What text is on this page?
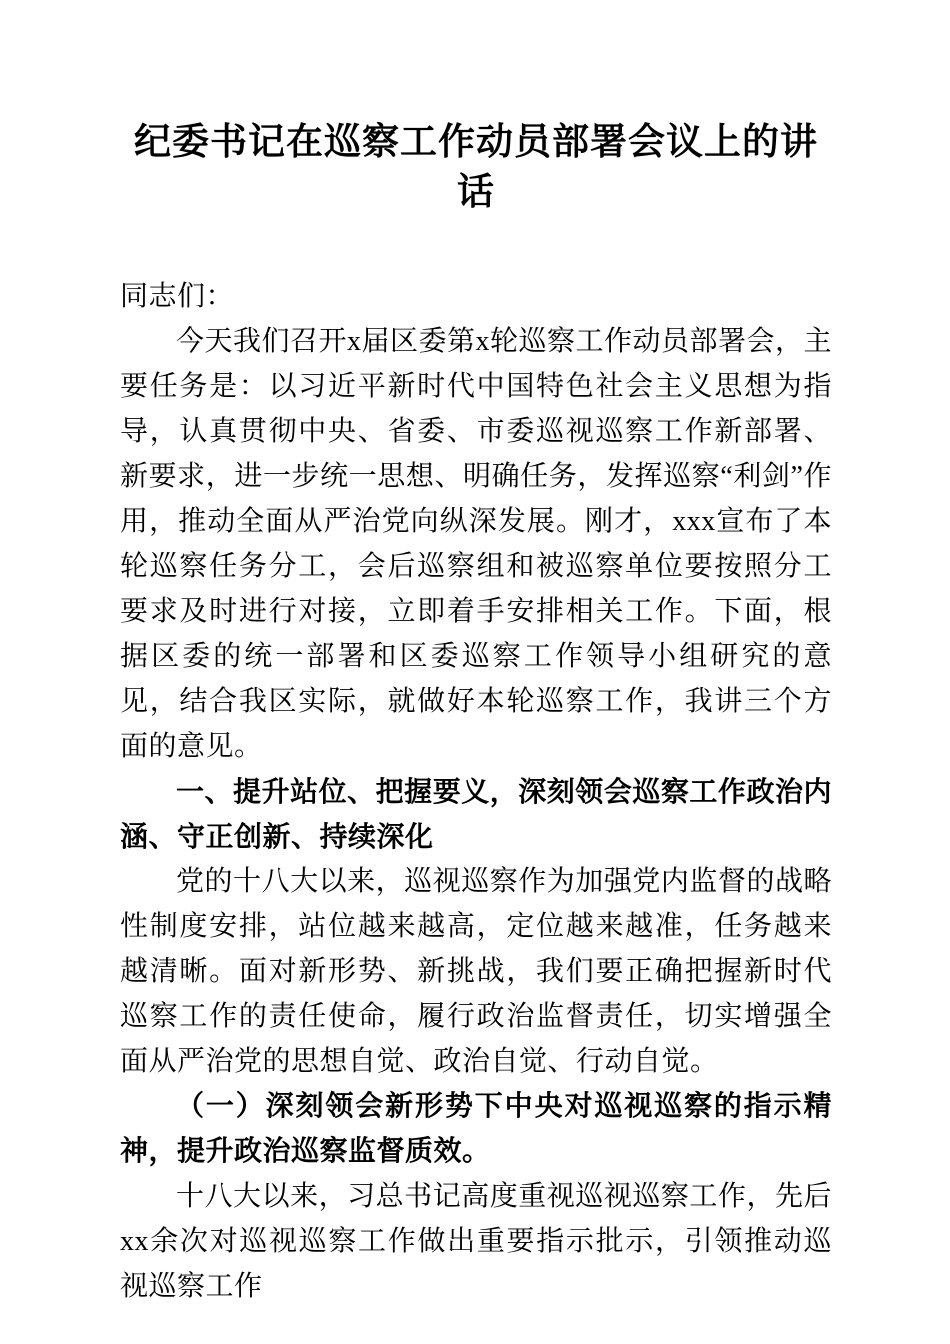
纪委书记在巡察工作动员部署会议上的讲话

同志们：

今天我们召开x届区委第x轮巡察工作动员部署会，主要任务是：以习近平新时代中国特色社会主义思想为指导，认真贯彻中央、省委、市委巡视巡察工作新部署、新要求，进一步统一思想、明确任务，发挥巡察“利剑”作用，推动全面从严治党向纵深发展。刚才，xxx宣布了本轮巡察任务分工，会后巡察组和被巡察单位要按照分工要求及时进行对接，立即着手安排相关工作。下面，根据区委的统一部署和区委巡察工作领导小组研究的意见，结合我区实际，就做好本轮巡察工作，我讲三个方面的意见。

一、提升站位、把握要义，深刻领会巡察工作政治内涵、守正创新、持续深化

党的十八大以来，巡视巡察作为加强党内监督的战略性制度安排，站位越来越高，定位越来越准，任务越来越清晰。面对新形势、新挑战，我们要正确把握新时代巡察工作的责任使命，履行政治监督责任，切实增强全面从严治党的思想自觉、政治自觉、行动自觉。

（一）深刻领会新形势下中央对巡视巡察的指示精神，提升政治巡察监督质效。

十八大以来，习总书记高度重视巡视巡察工作，先后xx余次对巡视巡察工作做出重要指示批示，引领推动巡视巡察工作
